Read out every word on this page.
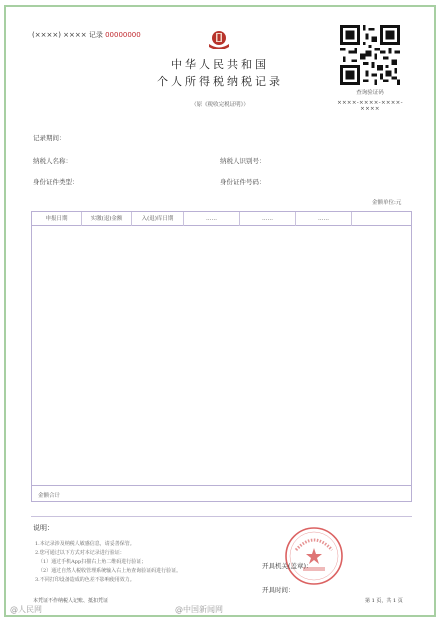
(××××) ×××× 记录 00000000
中华人民共和国
个人所得税纳税记录
（原《税收完税证明》）
查询验证码
××××-××××-××××-××××
记录期间：
纳税人名称：	纳税人识别号：
身份证件类型：	身份证件号码：
金额单位:元
申报日期	实缴(退)金额	入(退)库日期	……	……	……
金额合计
说明：
1.本记录涉及纳税人敏感信息，请妥善保管。
2.您可通过以下方式对本记录进行验证：
（1）通过手机App扫描右上角二维码进行验证；
（2）通过自然人税收管理系统输入右上角查询验证码进行验证。
3.不同打印设备造成的色差不影响使用效力。
本凭证不作纳税人记账、抵扣凭证
开具机关(盖章)：
开具时间：
第 1 页，共 1 页
@人民网	@中国新闻网
